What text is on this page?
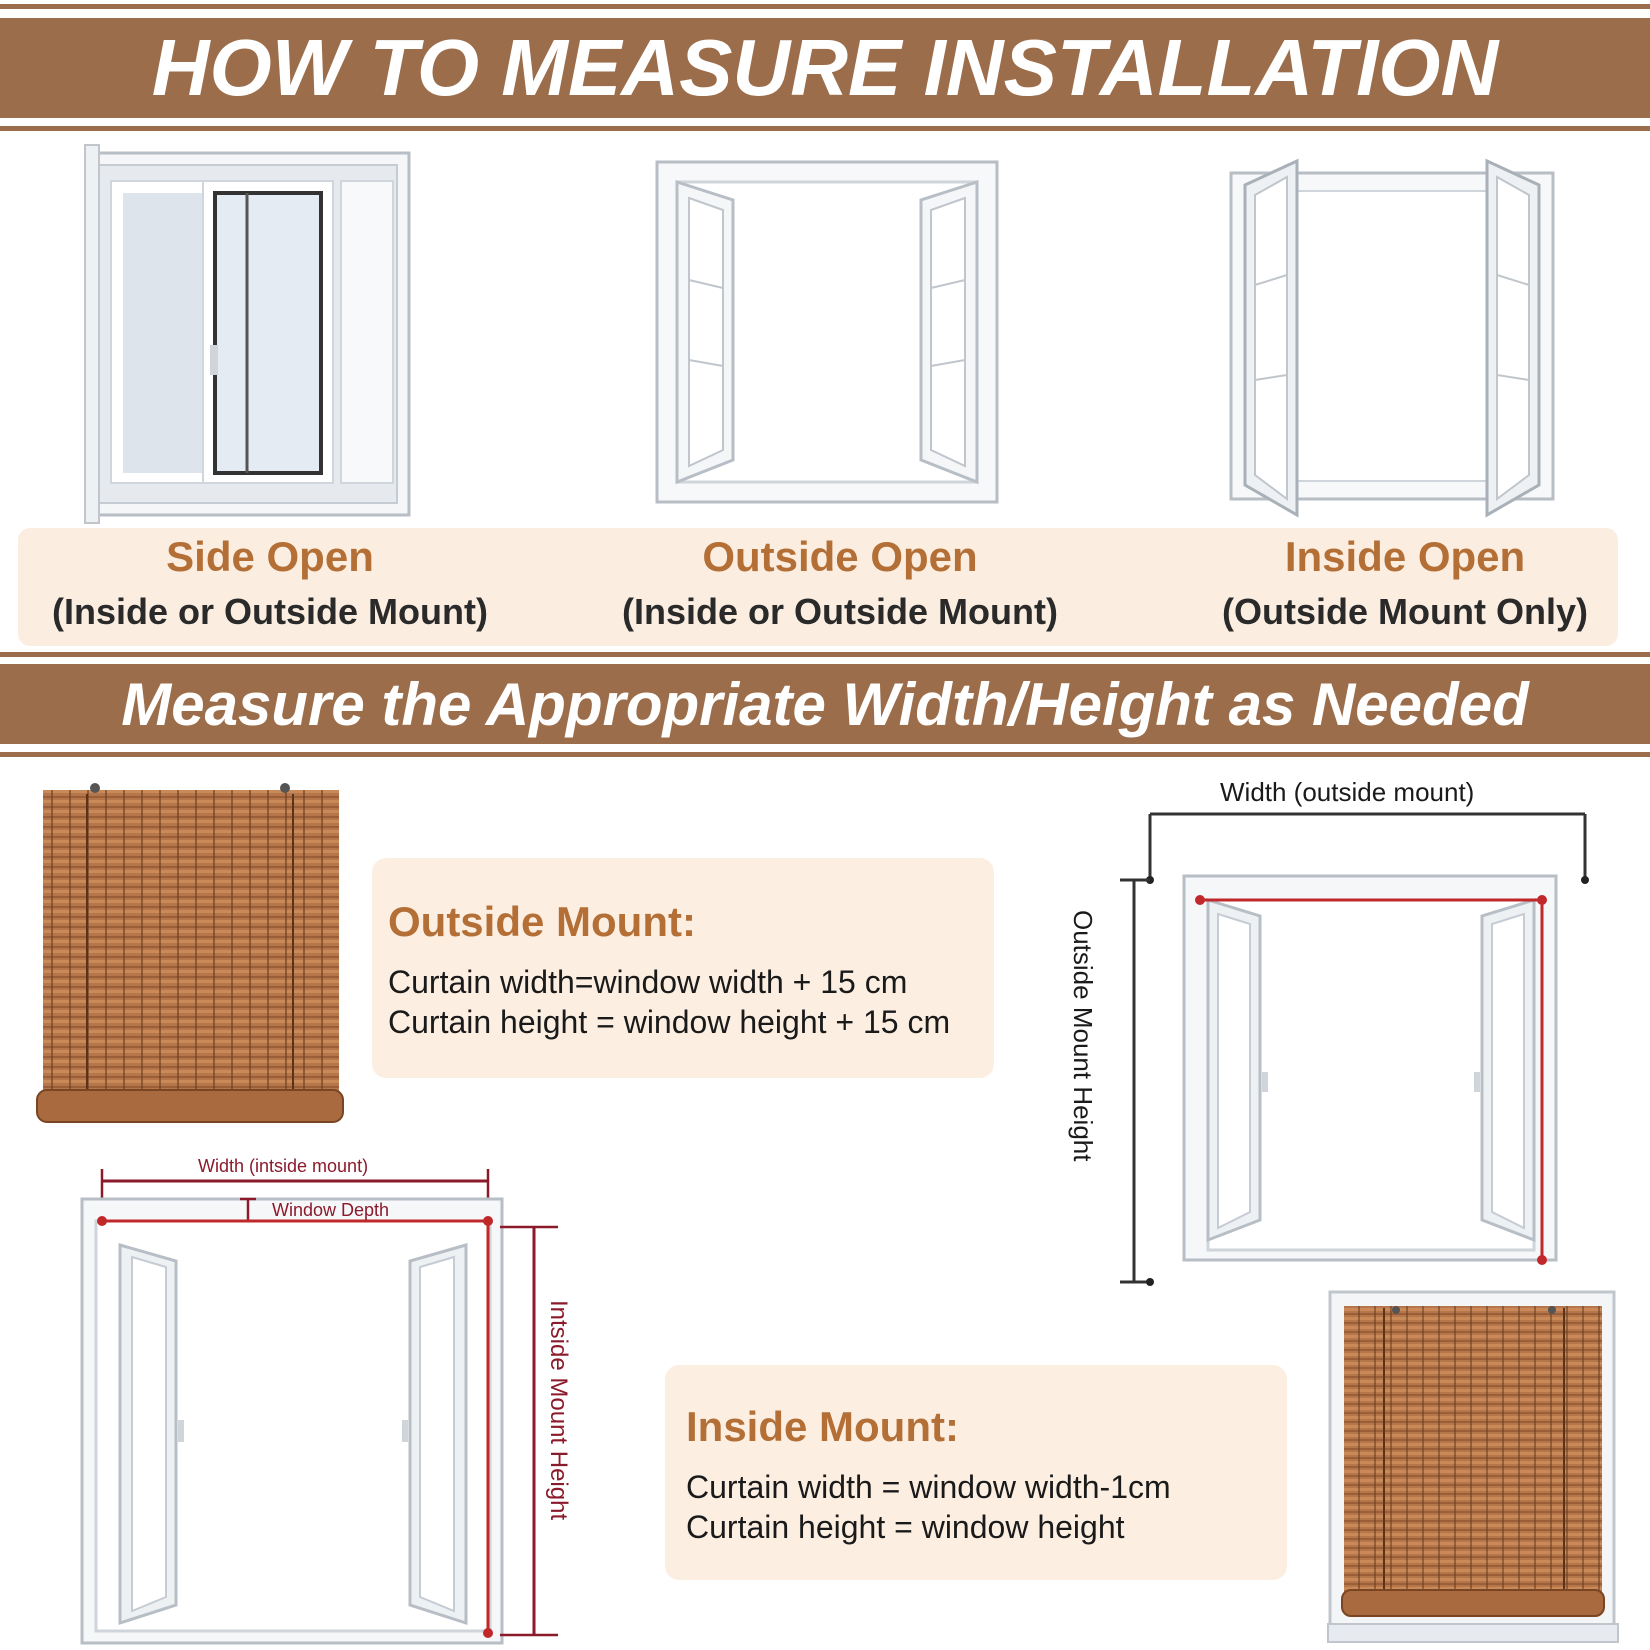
HOW TO MEASURE INSTALLATION
Side Open
(Inside or Outside Mount)
Outside Open
(Inside or Outside Mount)
Inside Open
(Outside Mount Only)
Measure the Appropriate Width/Height as Needed
Outside Mount:
Curtain width=window width + 15 cm
Curtain height = window height + 15 cm
Width (outside mount)
Outside Mount Height
Width (intside mount)
Window Depth
Intside Mount Height	Inside Mount:
Curtain width = window width-1cm
Curtain height = window height
